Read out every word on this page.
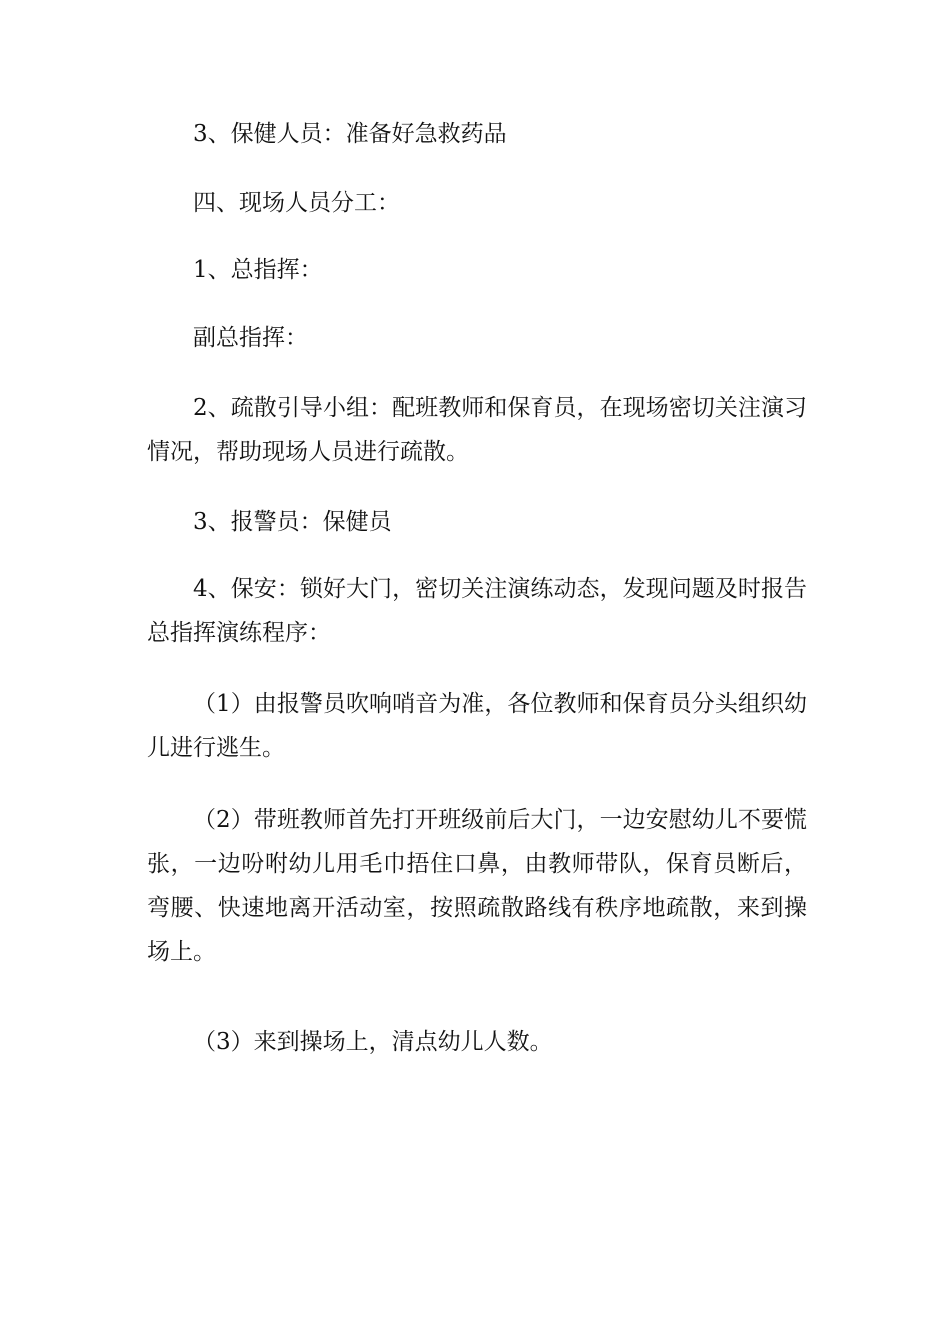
3、保健人员：准备好急救药品

四、现场人员分工：

1、总指挥：

副总指挥：

2、疏散引导小组：配班教师和保育员，在现场密切关注演习情况，帮助现场人员进行疏散。

3、报警员：保健员

4、保安：锁好大门，密切关注演练动态，发现问题及时报告总指挥演练程序：

（1）由报警员吹响哨音为准，各位教师和保育员分头组织幼儿进行逃生。

（2）带班教师首先打开班级前后大门，一边安慰幼儿不要慌张，一边吩咐幼儿用毛巾捂住口鼻，由教师带队，保育员断后，弯腰、快速地离开活动室，按照疏散路线有秩序地疏散，来到操场上。

（3）来到操场上，清点幼儿人数。
